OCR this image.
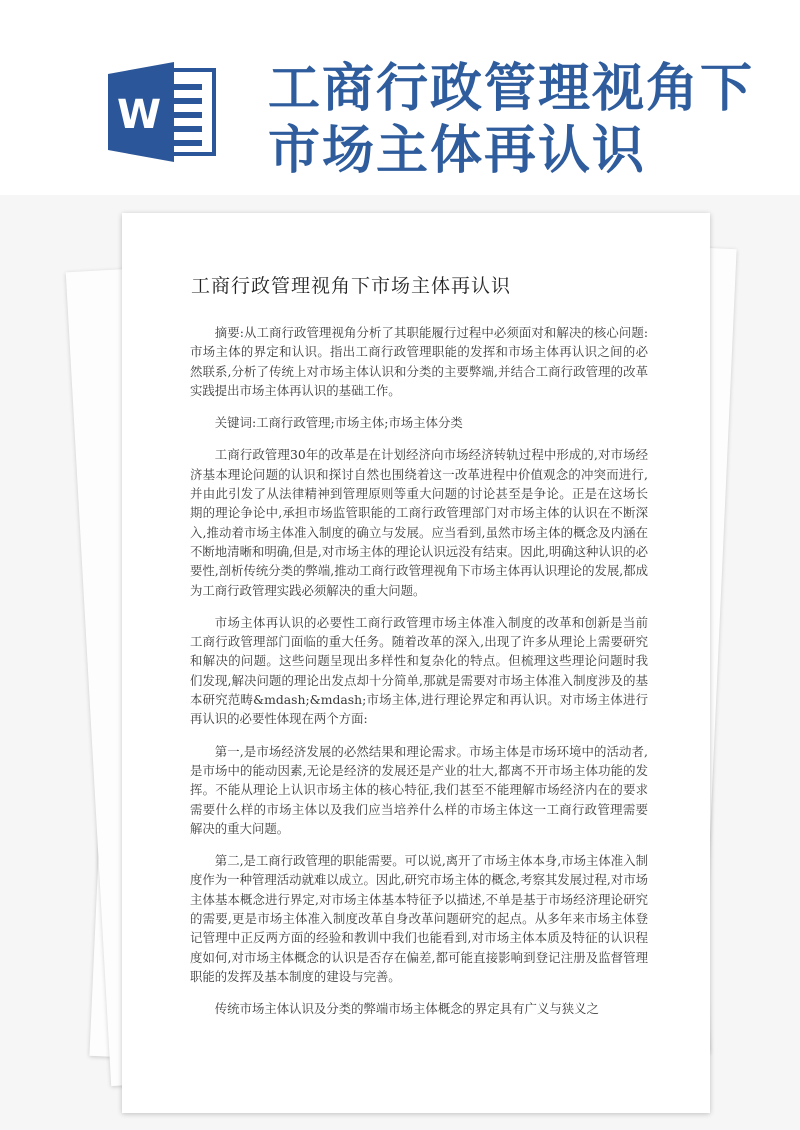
W 工商行政管理视角下市场主体再认识
工商行政管理视角下市场主体再认识

摘要:从工商行政管理视角分析了其职能履行过程中必须面对和解决的核心问题:市场主体的界定和认识。指出工商行政管理职能的发挥和市场主体再认识之间的必然联系,分析了传统上对市场主体认识和分类的主要弊端,并结合工商行政管理的改革实践提出市场主体再认识的基础工作。

关键词:工商行政管理;市场主体;市场主体分类

工商行政管理30年的改革是在计划经济向市场经济转轨过程中形成的,对市场经济基本理论问题的认识和探讨自然也围绕着这一改革进程中价值观念的冲突而进行,并由此引发了从法律精神到管理原则等重大问题的讨论甚至是争论。正是在这场长期的理论争论中,承担市场监管职能的工商行政管理部门对市场主体的认识在不断深入,推动着市场主体准入制度的确立与发展。应当看到,虽然市场主体的概念及内涵在不断地清晰和明确,但是,对市场主体的理论认识远没有结束。因此,明确这种认识的必要性,剖析传统分类的弊端,推动工商行政管理视角下市场主体再认识理论的发展,都成为工商行政管理实践必须解决的重大问题。

市场主体再认识的必要性工商行政管理市场主体准入制度的改革和创新是当前工商行政管理部门面临的重大任务。随着改革的深入,出现了许多从理论上需要研究和解决的问题。这些问题呈现出多样性和复杂化的特点。但梳理这些理论问题时我们发现,解决问题的理论出发点却十分简单,那就是需要对市场主体准入制度涉及的基本研究范畴&mdash;&mdash;市场主体,进行理论界定和再认识。对市场主体进行再认识的必要性体现在两个方面:

第一,是市场经济发展的必然结果和理论需求。市场主体是市场环境中的活动者,是市场中的能动因素,无论是经济的发展还是产业的壮大,都离不开市场主体功能的发挥。不能从理论上认识市场主体的核心特征,我们甚至不能理解市场经济内在的要求需要什么样的市场主体以及我们应当培养什么样的市场主体这一工商行政管理需要解决的重大问题。

第二,是工商行政管理的职能需要。可以说,离开了市场主体本身,市场主体准入制度作为一种管理活动就难以成立。因此,研究市场主体的概念,考察其发展过程,对市场主体基本概念进行界定,对市场主体基本特征予以描述,不单是基于市场经济理论研究的需要,更是市场主体准入制度改革自身改革问题研究的起点。从多年来市场主体登记管理中正反两方面的经验和教训中我们也能看到,对市场主体本质及特征的认识程度如何,对市场主体概念的认识是否存在偏差,都可能直接影响到登记注册及监督管理职能的发挥及基本制度的建设与完善。

传统市场主体认识及分类的弊端市场主体概念的界定具有广义与狭义之
